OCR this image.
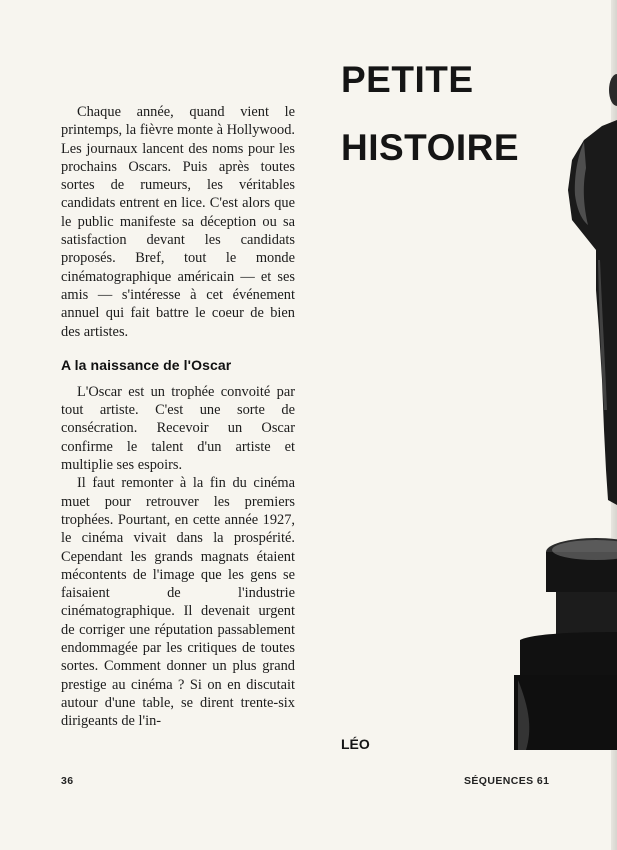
Chaque année, quand vient le printemps, la fièvre monte à Hollywood. Les journaux lancent des noms pour les prochains Oscars. Puis après toutes sortes de rumeurs, les véritables candidats entrent en lice. C'est alors que le public manifeste sa déception ou sa satisfaction devant les candidats proposés. Bref, tout le monde cinématographique américain — et ses amis — s'intéresse à cet événement annuel qui fait battre le coeur de bien des artistes.

A la naissance de l'Oscar

L'Oscar est un trophée convoité par tout artiste. C'est une sorte de consécration. Recevoir un Oscar confirme le talent d'un artiste et multiplie ses espoirs.

Il faut remonter à la fin du cinéma muet pour retrouver les premiers trophées. Pourtant, en cette année 1927, le cinéma vivait dans la prospérité. Cependant les grands magnats étaient mécontents de l'image que les gens se faisaient de l'industrie cinématographique. Il devenait urgent de corriger une réputation passablement endommagée par les critiques de toutes sortes. Comment donner un plus grand prestige au cinéma ? Si on en discutait autour d'une table, se dirent trente-six dirigeants de l'in-

PETITE
HISTOIRE
LÉO
36	SÉQUENCES 61
